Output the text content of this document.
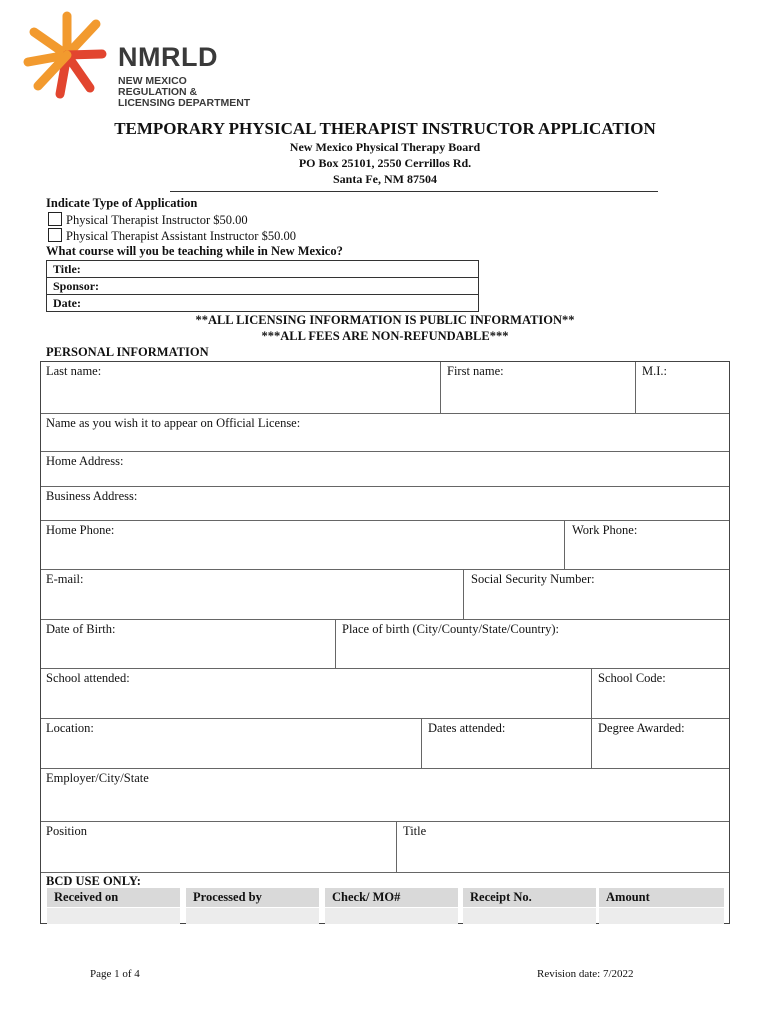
NMRLD
NEW MEXICO
REGULATION &
LICENSING DEPARTMENT
TEMPORARY PHYSICAL THERAPIST INSTRUCTOR APPLICATION
New Mexico Physical Therapy Board
PO Box 25101, 2550 Cerrillos Rd.
Santa Fe, NM 87504
Indicate Type of Application
Physical Therapist Instructor $50.00
Physical Therapist Assistant Instructor $50.00
What course will you be teaching while in New Mexico?
Title:
Sponsor:
Date:
**ALL LICENSING INFORMATION IS PUBLIC INFORMATION**
***ALL FEES ARE NON-REFUNDABLE***
PERSONAL INFORMATION
Last name:	First name:	M.I.:
Name as you wish it to appear on Official License:
Home Address:
Business Address:
Home Phone:	Work Phone:
E-mail:	Social Security Number:
Date of Birth:	Place of birth (City/County/State/Country):
School attended:	School Code:
Location:	Dates attended:	Degree Awarded:
Employer/City/State
Position	Title
BCD USE ONLY:
Received on	Processed by	Check/ MO#	Receipt No.	Amount
Page 1 of 4	Revision date: 7/2022
